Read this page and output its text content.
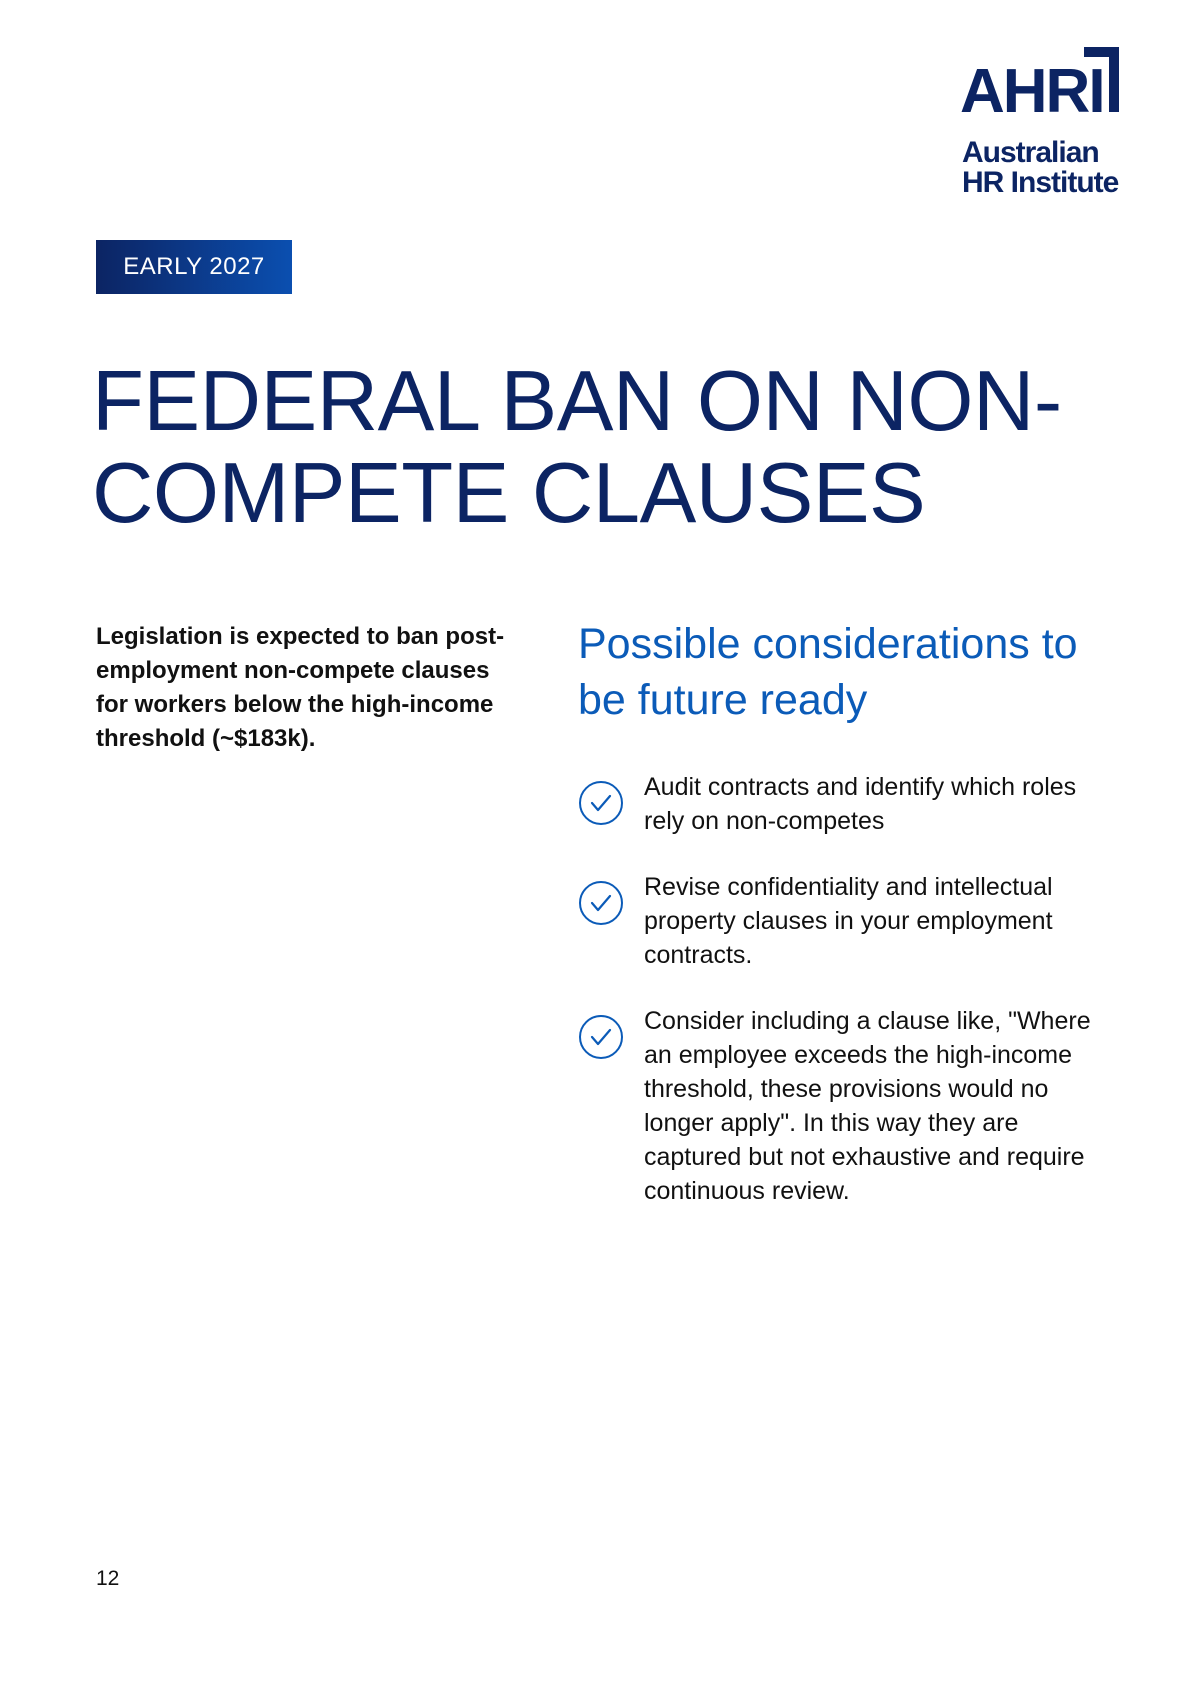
AHRI
Australian
HR Institute
EARLY 2027
FEDERAL BAN ON NON-COMPETE CLAUSES

Legislation is expected to ban post-employment non-compete clauses for workers below the high-income threshold (~$183k).

Possible considerations to be future ready
Audit contracts and identify which roles rely on non-competes
Revise confidentiality and intellectual property clauses in your employment contracts.
Consider including a clause like, "Where an employee exceeds the high-income threshold, these provisions would no longer apply". In this way they are captured but not exhaustive and require continuous review.
12
